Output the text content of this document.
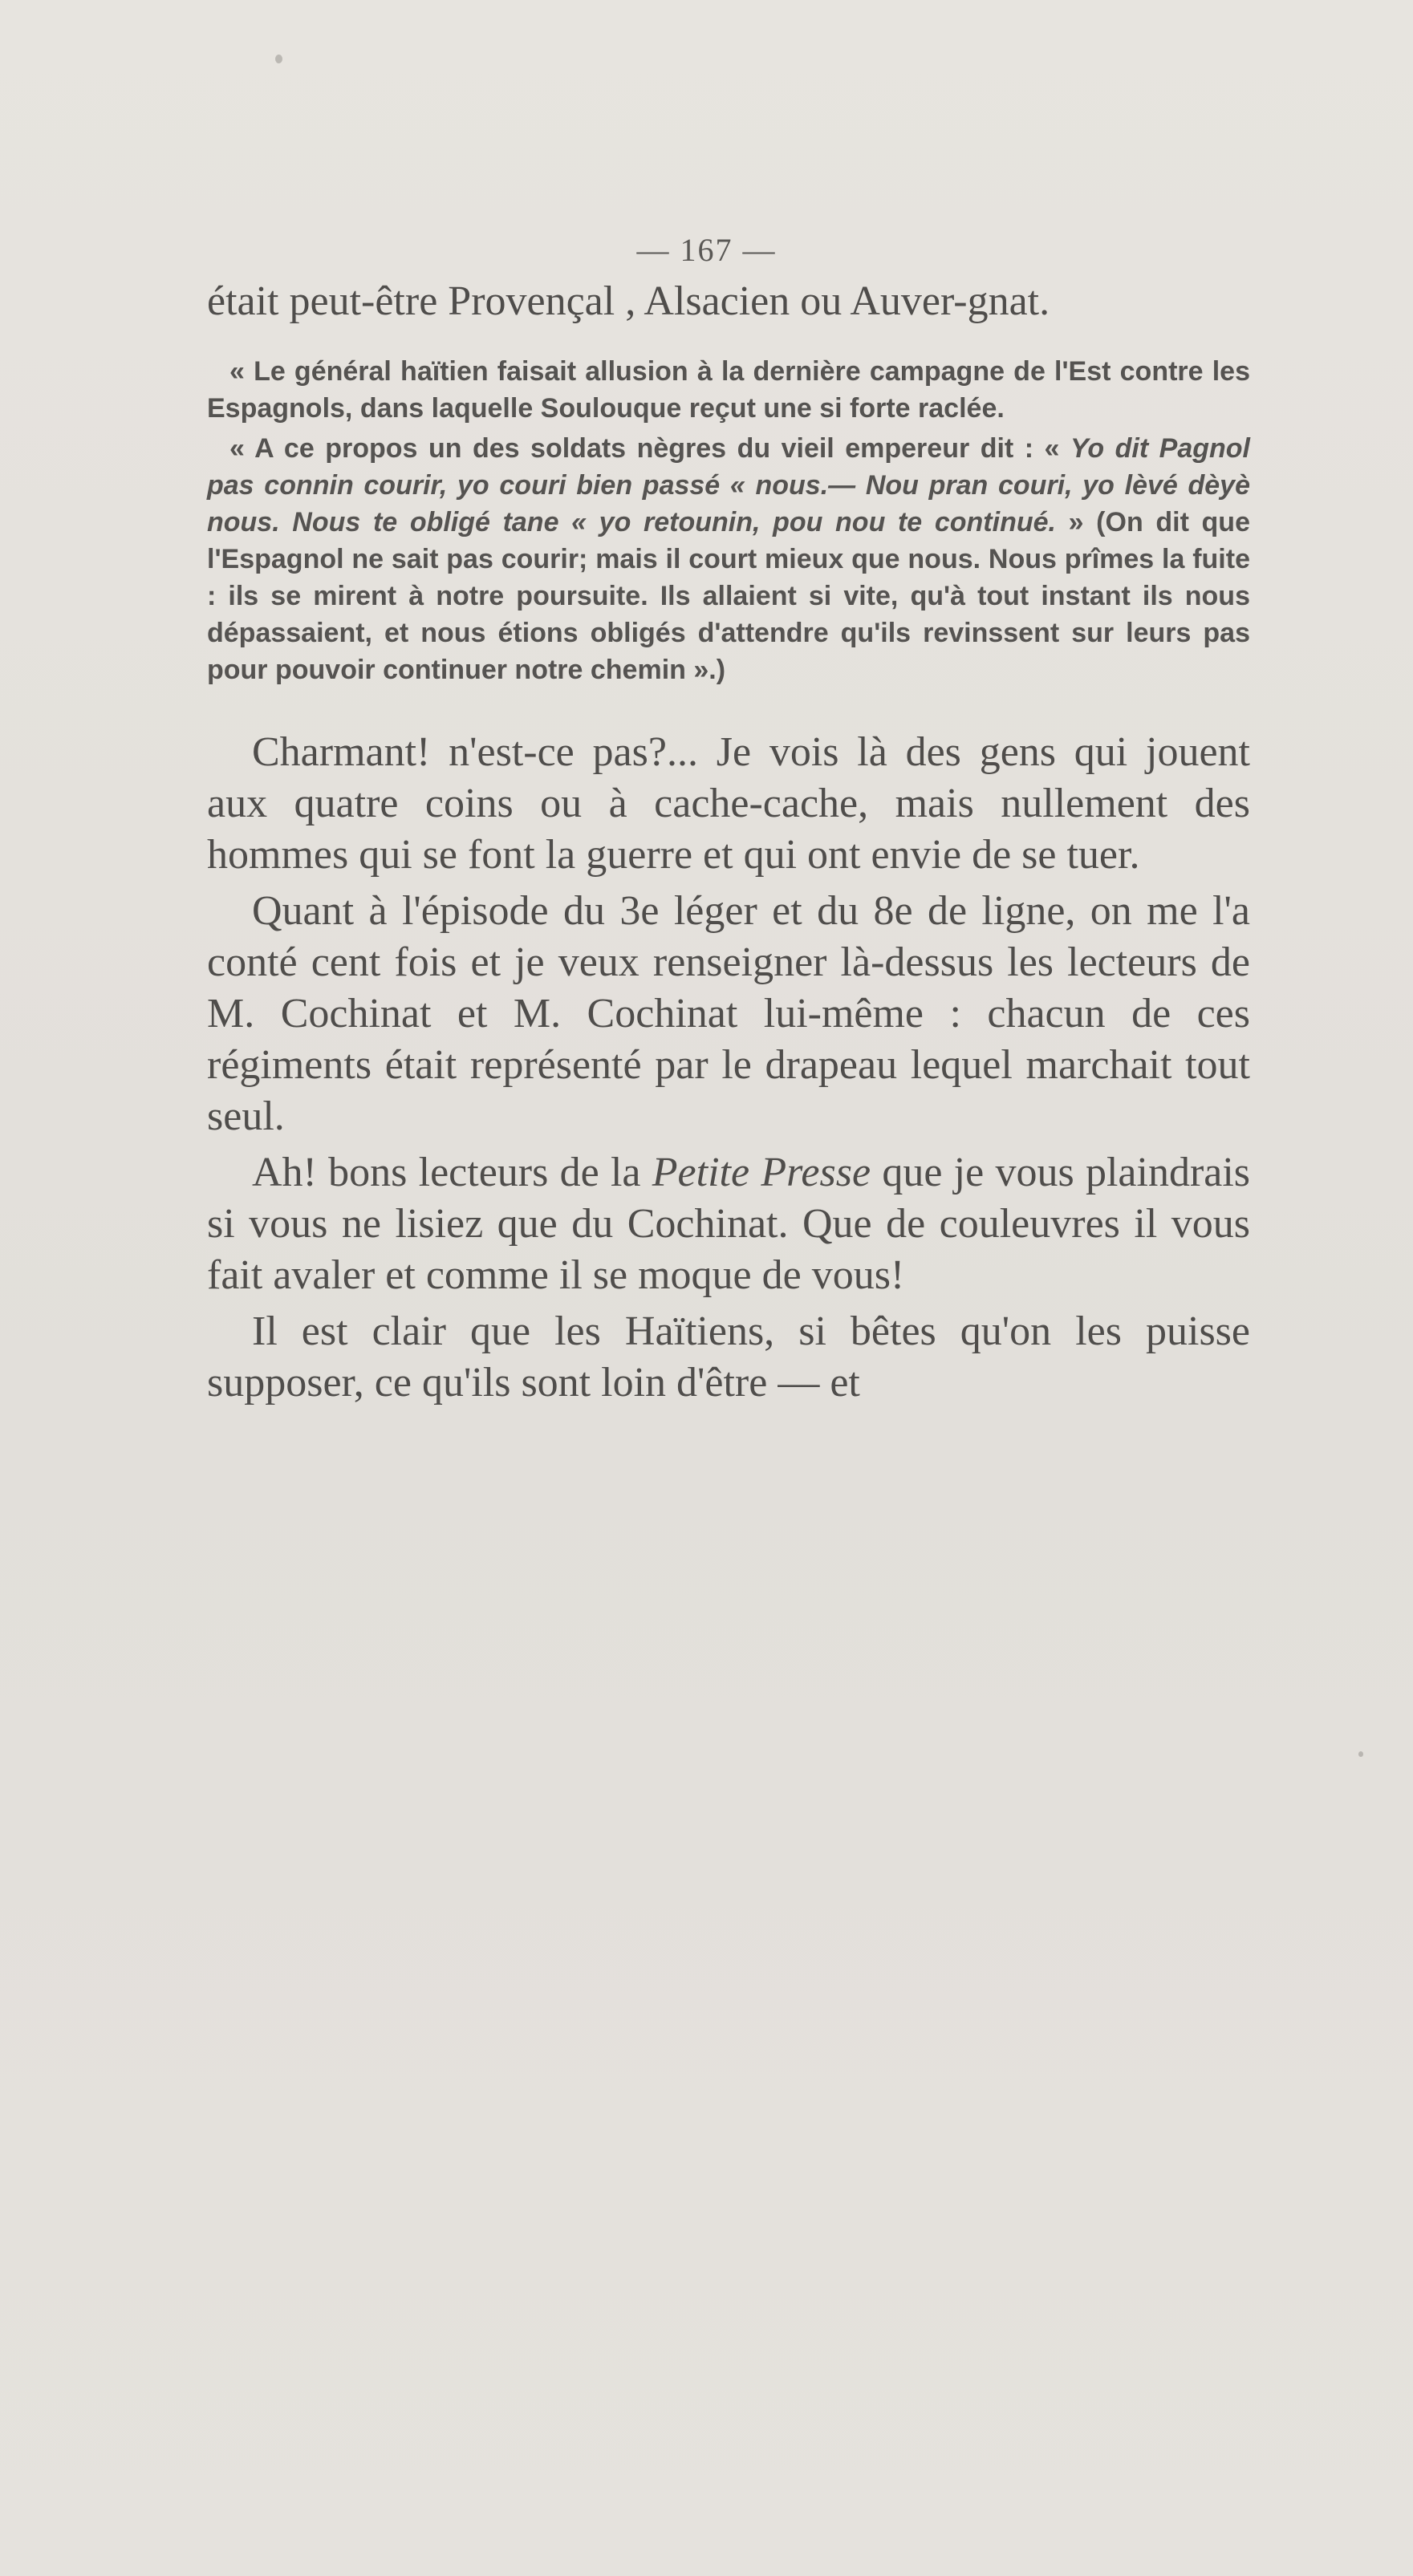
— 167 —

était peut-être Provençal , Alsacien ou Auver-gnat.

« Le général haïtien faisait allusion à la dernière campagne de l'Est contre les Espagnols, dans laquelle Soulouque reçut une si forte raclée.

« A ce propos un des soldats nègres du vieil empereur dit : « Yo dit Pagnol pas connin courir, yo couri bien passé « nous.— Nou pran couri, yo lèvé dèyè nous. Nous te obligé tane « yo retounin, pou nou te continué. » (On dit que l'Espagnol ne sait pas courir; mais il court mieux que nous. Nous prîmes la fuite : ils se mirent à notre poursuite. Ils allaient si vite, qu'à tout instant ils nous dépassaient, et nous étions obligés d'attendre qu'ils revinssent sur leurs pas pour pouvoir continuer notre chemin ».)

Charmant! n'est-ce pas?... Je vois là des gens qui jouent aux quatre coins ou à cache-cache, mais nullement des hommes qui se font la guerre et qui ont envie de se tuer.

Quant à l'épisode du 3e léger et du 8e de ligne, on me l'a conté cent fois et je veux renseigner là-dessus les lecteurs de M. Cochinat et M. Cochinat lui-même : chacun de ces régiments était représenté par le drapeau lequel marchait tout seul.

Ah! bons lecteurs de la Petite Presse que je vous plaindrais si vous ne lisiez que du Cochinat. Que de couleuvres il vous fait avaler et comme il se moque de vous!

Il est clair que les Haïtiens, si bêtes qu'on les puisse supposer, ce qu'ils sont loin d'être — et
